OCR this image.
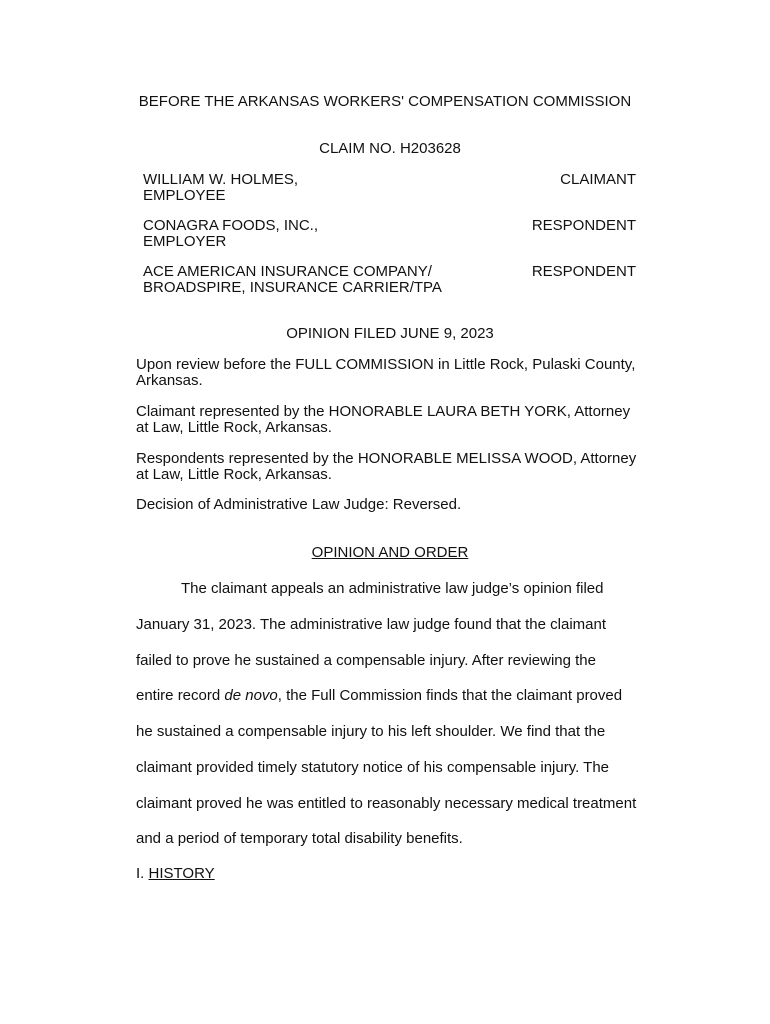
BEFORE THE ARKANSAS WORKERS' COMPENSATION COMMISSION
CLAIM NO. H203628
WILLIAM W. HOLMES,
EMPLOYEE
CLAIMANT
CONAGRA FOODS, INC.,
EMPLOYER
RESPONDENT
ACE AMERICAN INSURANCE COMPANY/
BROADSPIRE, INSURANCE CARRIER/TPA
RESPONDENT
OPINION FILED JUNE 9, 2023
Upon review before the FULL COMMISSION in Little Rock, Pulaski County,
Arkansas.
Claimant represented by the HONORABLE LAURA BETH YORK, Attorney
at Law, Little Rock, Arkansas.
Respondents represented by the HONORABLE MELISSA WOOD, Attorney
at Law, Little Rock, Arkansas.
Decision of Administrative Law Judge: Reversed.
OPINION AND ORDER
The claimant appeals an administrative law judge’s opinion filed
January 31, 2023. The administrative law judge found that the claimant
failed to prove he sustained a compensable injury. After reviewing the
entire record de novo, the Full Commission finds that the claimant proved
he sustained a compensable injury to his left shoulder. We find that the
claimant provided timely statutory notice of his compensable injury. The
claimant proved he was entitled to reasonably necessary medical treatment
and a period of temporary total disability benefits.
I. HISTORY
